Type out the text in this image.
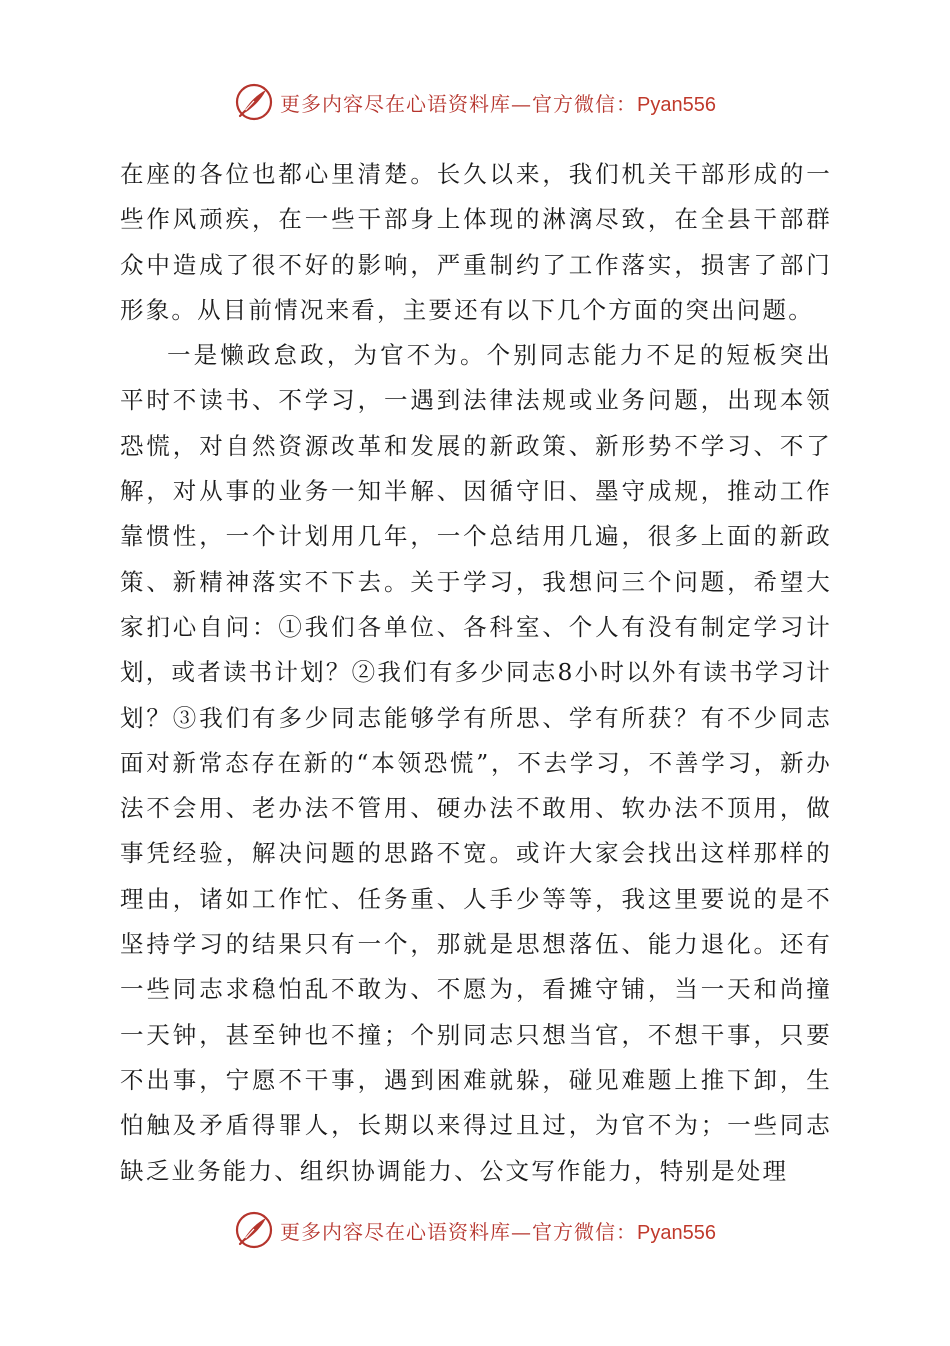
更多内容尽在心语资料库—官方微信：Pyan556

在座的各位也都心里清楚。长久以来，我们机关干部形成的一些作风顽疾，在一些干部身上体现的淋漓尽致，在全县干部群众中造成了很不好的影响，严重制约了工作落实，损害了部门形象。从目前情况来看，主要还有以下几个方面的突出问题。

一是懒政怠政，为官不为。个别同志能力不足的短板突出平时不读书、不学习，一遇到法律法规或业务问题，出现本领恐慌，对自然资源改革和发展的新政策、新形势不学习、不了解，对从事的业务一知半解、因循守旧、墨守成规，推动工作靠惯性，一个计划用几年，一个总结用几遍，很多上面的新政策、新精神落实不下去。关于学习，我想问三个问题，希望大家扪心自问：①我们各单位、各科室、个人有没有制定学习计划，或者读书计划？②我们有多少同志8小时以外有读书学习计划？③我们有多少同志能够学有所思、学有所获？有不少同志面对新常态存在新的“本领恐慌”，不去学习，不善学习，新办法不会用、老办法不管用、硬办法不敢用、软办法不顶用，做事凭经验，解决问题的思路不宽。或许大家会找出这样那样的理由，诸如工作忙、任务重、人手少等等，我这里要说的是不坚持学习的结果只有一个，那就是思想落伍、能力退化。还有一些同志求稳怕乱不敢为、不愿为，看摊守铺，当一天和尚撞一天钟，甚至钟也不撞；个别同志只想当官，不想干事，只要不出事，宁愿不干事，遇到困难就躲，碰见难题上推下卸，生怕触及矛盾得罪人，长期以来得过且过，为官不为；一些同志缺乏业务能力、组织协调能力、公文写作能力，特别是处理

更多内容尽在心语资料库—官方微信：Pyan556
